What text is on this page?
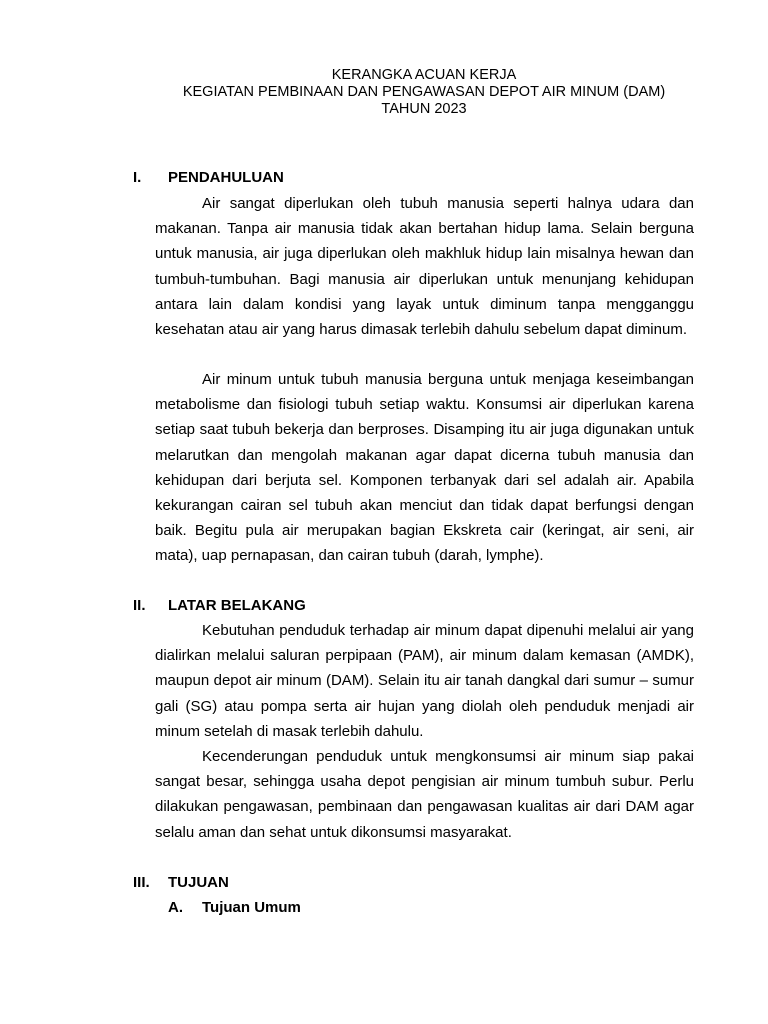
KERANGKA ACUAN KERJA
KEGIATAN PEMBINAAN DAN PENGAWASAN DEPOT AIR MINUM (DAM)
TAHUN 2023
I. PENDAHULUAN

Air sangat diperlukan oleh tubuh manusia seperti halnya udara dan makanan. Tanpa air manusia tidak akan bertahan hidup lama. Selain berguna untuk manusia, air juga diperlukan oleh makhluk hidup lain misalnya hewan dan tumbuh-tumbuhan. Bagi manusia air diperlukan untuk menunjang kehidupan antara lain dalam kondisi yang layak untuk diminum tanpa mengganggu kesehatan atau air yang harus dimasak terlebih dahulu sebelum dapat diminum.

Air minum untuk tubuh manusia berguna untuk menjaga keseimbangan metabolisme dan fisiologi tubuh setiap waktu. Konsumsi air diperlukan karena setiap saat tubuh bekerja dan berproses. Disamping itu air juga digunakan untuk melarutkan dan mengolah makanan agar dapat dicerna tubuh manusia dan kehidupan dari berjuta sel. Komponen terbanyak dari sel adalah air. Apabila kekurangan cairan sel tubuh akan menciut dan tidak dapat berfungsi dengan baik. Begitu pula air merupakan bagian Ekskreta cair (keringat, air seni, air mata), uap pernapasan, dan cairan tubuh (darah, lymphe).

II. LATAR BELAKANG

Kebutuhan penduduk terhadap air minum dapat dipenuhi melalui air yang dialirkan melalui saluran perpipaan (PAM), air minum dalam kemasan (AMDK), maupun depot air minum (DAM). Selain itu air tanah dangkal dari sumur – sumur gali (SG) atau pompa serta air hujan yang diolah oleh penduduk menjadi air minum setelah di masak terlebih dahulu.

Kecenderungan penduduk untuk mengkonsumsi air minum siap pakai sangat besar, sehingga usaha depot pengisian air minum tumbuh subur. Perlu dilakukan pengawasan, pembinaan dan pengawasan kualitas air dari DAM agar selalu aman dan sehat untuk dikonsumsi masyarakat.

III. TUJUAN
A. Tujuan Umum
